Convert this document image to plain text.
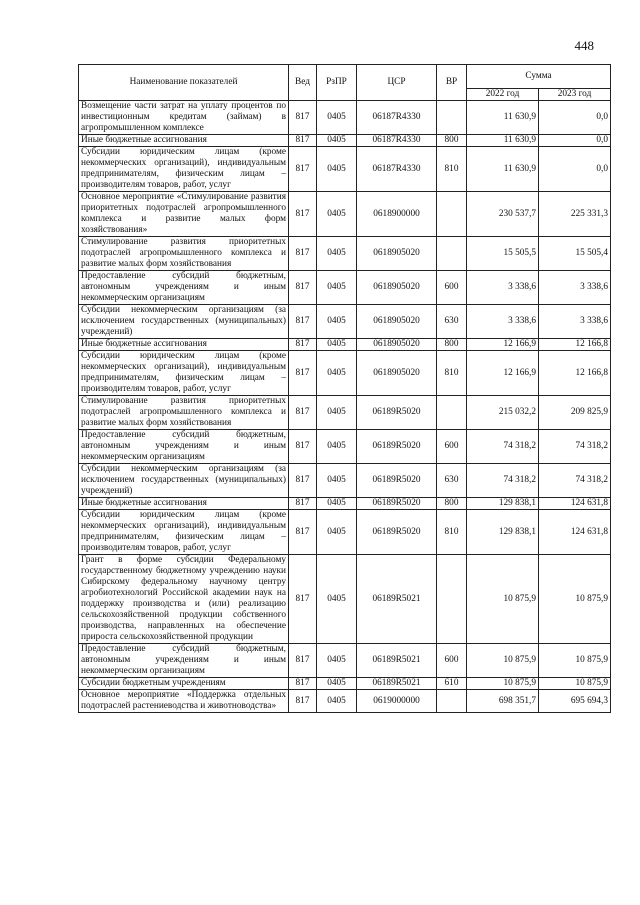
448
Наименование показателей	Вед	РзПР	ЦСР	ВР	Сумма	
					2022 год	2023 год
Возмещение части затрат на уплату процентов по инвестиционным кредитам (займам) в агропромышленном комплексе	817	0405	06187R4330		11 630,9	0,0
Иные бюджетные ассигнования	817	0405	06187R4330	800	11 630,9	0,0
Субсидии юридическим лицам (кроме некоммерческих организаций), индивидуальным предпринимателям, физическим лицам – производителям товаров, работ, услуг	817	0405	06187R4330	810	11 630,9	0,0
Основное мероприятие «Стимулирование развития приоритетных подотраслей агропромышленного комплекса и развитие малых форм хозяйствования»	817	0405	0618900000		230 537,7	225 331,3
Стимулирование развития приоритетных подотраслей агропромышленного комплекса и развитие малых форм хозяйствования	817	0405	0618905020		15 505,5	15 505,4
Предоставление субсидий бюджетным, автономным учреждениям и иным некоммерческим организациям	817	0405	0618905020	600	3 338,6	3 338,6
Субсидии некоммерческим организациям (за исключением государственных (муниципальных) учреждений)	817	0405	0618905020	630	3 338,6	3 338,6
Иные бюджетные ассигнования	817	0405	0618905020	800	12 166,9	12 166,8
Субсидии юридическим лицам (кроме некоммерческих организаций), индивидуальным предпринимателям, физическим лицам – производителям товаров, работ, услуг	817	0405	0618905020	810	12 166,9	12 166,8
Стимулирование развития приоритетных подотраслей агропромышленного комплекса и развитие малых форм хозяйствования	817	0405	06189R5020		215 032,2	209 825,9
Предоставление субсидий бюджетным, автономным учреждениям и иным некоммерческим организациям	817	0405	06189R5020	600	74 318,2	74 318,2
Субсидии некоммерческим организациям (за исключением государственных (муниципальных) учреждений)	817	0405	06189R5020	630	74 318,2	74 318,2
Иные бюджетные ассигнования	817	0405	06189R5020	800	129 838,1	124 631,8
Субсидии юридическим лицам (кроме некоммерческих организаций), индивидуальным предпринимателям, физическим лицам – производителям товаров, работ, услуг	817	0405	06189R5020	810	129 838,1	124 631,8
Грант в форме субсидии Федеральному государственному бюджетному учреждению науки Сибирскому федеральному научному центру агробиотехнологий Российской академии наук на поддержку производства и (или) реализацию сельскохозяйственной продукции собственного производства, направленных на обеспечение прироста сельскохозяйственной продукции	817	0405	06189R5021		10 875,9	10 875,9
Предоставление субсидий бюджетным, автономным учреждениям и иным некоммерческим организациям	817	0405	06189R5021	600	10 875,9	10 875,9
Субсидии бюджетным учреждениям	817	0405	06189R5021	610	10 875,9	10 875,9
Основное мероприятие «Поддержка отдельных подотраслей растениеводства и животноводства»	817	0405	0619000000		698 351,7	695 694,3
